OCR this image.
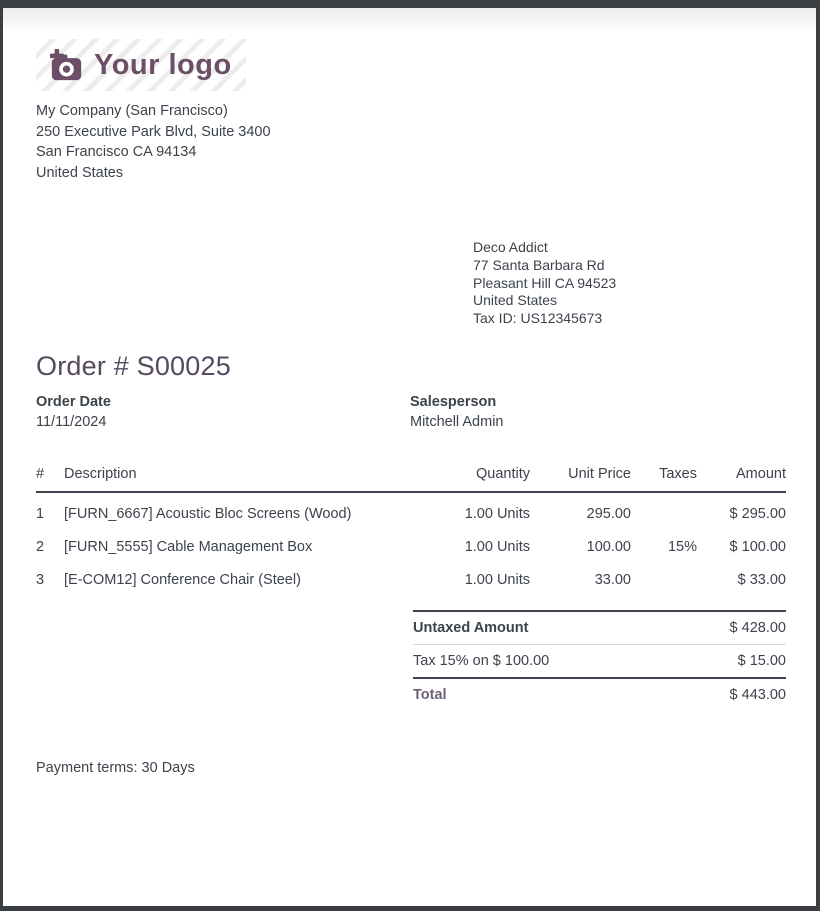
Your logo
My Company (San Francisco)
250 Executive Park Blvd, Suite 3400
San Francisco CA 94134
United States
Deco Addict
77 Santa Barbara Rd
Pleasant Hill CA 94523
United States
Tax ID: US12345673
Order # S00025
Order Date
11/11/2024
Salesperson
Mitchell Admin
#	Description	Quantity	Unit Price	Taxes	Amount
1	[FURN_6667] Acoustic Bloc Screens (Wood)	1.00 Units	295.00		$ 295.00
2	[FURN_5555] Cable Management Box	1.00 Units	100.00	15%	$ 100.00
3	[E-COM12] Conference Chair (Steel)	1.00 Units	33.00		$ 33.00
Untaxed Amount	$ 428.00
Tax 15% on $ 100.00	$ 15.00
Total	$ 443.00
Payment terms: 30 Days
